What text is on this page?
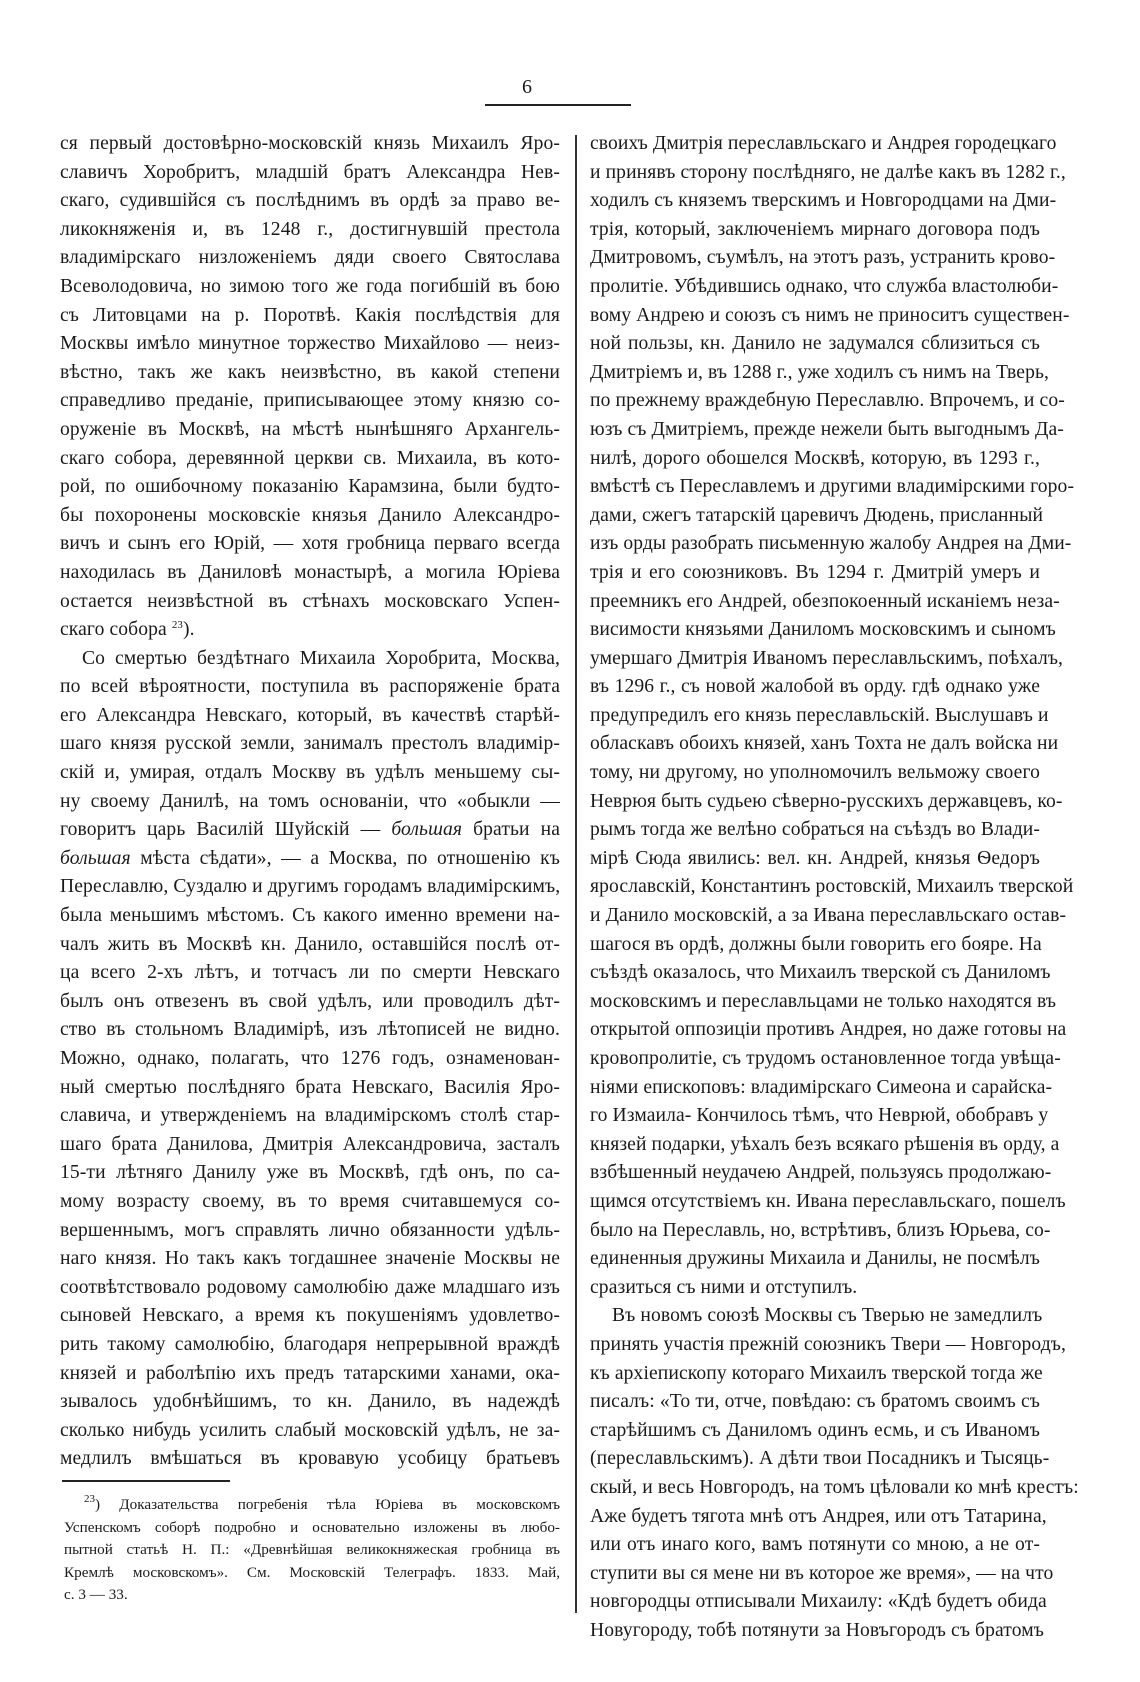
6
ся первый достовѣрно-московскій князь Михаилъ Яро-
славичъ Хоробритъ, младшій братъ Александра Нев-
скаго, судившійся съ послѣднимъ въ ордѣ за право ве-
ликокняженія и, въ 1248 г., достигнувшій престола
владимірскаго низложеніемъ дяди своего Святослава
Всеволодовича, но зимою того же года погибшій въ бою
съ Литовцами на р. Поротвѣ. Какія послѣдствія для
Москвы имѣло минутное торжество Михайлово — неиз-
вѣстно, такъ же какъ неизвѣстно, въ какой степени
справедливо преданіе, приписывающее этому князю со-
оруженіе въ Москвѣ, на мѣстѣ нынѣшняго Архангель-
скаго собора, деревянной церкви св. Михаила, въ кото-
рой, по ошибочному показанію Карамзина, были будто-
бы похоронены московскіе князья Данило Александро-
вичъ и сынъ его Юрій, — хотя гробница перваго всегда
находилась въ Даниловѣ монастырѣ, а могила Юріева
остается неизвѣстной въ стѣнахъ московскаго Успен-
скаго собора $^{23}$).
Со смертью бездѣтнаго Михаила Хоробрита, Москва,
по всей вѣроятности, поступила въ распоряженіе брата
его Александра Невскаго, который, въ качествѣ старѣй-
шаго князя русской земли, занималъ престолъ владимір-
скій и, умирая, отдалъ Москву въ удѣлъ меньшему сы-
ну своему Данилѣ, на томъ основаніи, что «обыкли —
говоритъ царь Василій Шуйскій — большая братьи на
большая мѣста сѣдати», — а Москва, по отношенію къ
Переславлю, Суздалю и другимъ городамъ владимірскимъ,
была меньшимъ мѣстомъ. Съ какого именно времени на-
чалъ жить въ Москвѣ кн. Данило, оставшійся послѣ от-
ца всего 2-хъ лѣтъ, и тотчасъ ли по смерти Невскаго
былъ онъ отвезенъ въ свой удѣлъ, или проводилъ дѣт-
ство въ стольномъ Владимірѣ, изъ лѣтописей не видно.
Можно, однако, полагать, что 1276 годъ, ознаменован-
ный смертью послѣдняго брата Невскаго, Василія Яро-
славича, и утвержденіемъ на владимірскомъ столѣ стар-
шаго брата Данилова, Дмитрія Александровича, засталъ
15-ти лѣтняго Данилу уже въ Москвѣ, гдѣ онъ, по са-
мому возрасту своему, въ то время считавшемуся со-
вершеннымъ, могъ справлять лично обязанности удѣль-
наго князя. Но такъ какъ тогдашнее значеніе Москвы не
соотвѣтствовало родовому самолюбію даже младшаго изъ
сыновей Невскаго, а время къ покушеніямъ удовлетво-
рить такому самолюбію, благодаря непрерывной враждѣ
князей и раболѣпію ихъ предъ татарскими ханами, ока-
зывалось удобнѣйшимъ, то кн. Данило, въ надеждѣ
сколько нибудь усилить слабый московскій удѣлъ, не за-
медлилъ вмѣшаться въ кровавую усобицу братьевъ
$^{23}$) Доказательства погребенія тѣла Юріева въ московскомъ
Успенскомъ соборѣ подробно и основательно изложены въ любо-
пытной статьѣ Н. П.: «Древнѣйшая великокняжеская гробница въ
Кремлѣ московскомъ». См. Московскій Телеграфъ. 1833. Май,
с. 3 — 33.
своихъ Дмитрія переславльскаго и Андрея городецкаго
и принявъ сторону послѣдняго, не далѣе какъ въ 1282 г.,
ходилъ съ княземъ тверскимъ и Новгородцами на Дми-
трія, который, заключеніемъ мирнаго договора подъ
Дмитровомъ, съумѣлъ, на этотъ разъ, устранить крово-
пролитіе. Убѣдившись однако, что служба властолюби-
вому Андрею и союзъ съ нимъ не приноситъ существен-
ной пользы, кн. Данило не задумался сблизиться съ
Дмитріемъ и, въ 1288 г., уже ходилъ съ нимъ на Тверь,
по прежнему враждебную Переславлю. Впрочемъ, и со-
юзъ съ Дмитріемъ, прежде нежели быть выгоднымъ Да-
нилѣ, дорого обошелся Москвѣ, которую, въ 1293 г.,
вмѣстѣ съ Переславлемъ и другими владимірскими горо-
дами, сжегъ татарскій царевичъ Дюдень, присланный
изъ орды разобрать письменную жалобу Андрея на Дми-
трія и его союзниковъ. Въ 1294 г. Дмитрій умеръ и
преемникъ его Андрей, обезпокоенный исканіемъ неза-
висимости князьями Даниломъ московскимъ и сыномъ
умершаго Дмитрія Иваномъ переславльскимъ, поѣхалъ,
въ 1296 г., съ новой жалобой въ орду. гдѣ однако уже
предупредилъ его князь переславльскій. Выслушавъ и
обласкавъ обоихъ князей, ханъ Тохта не далъ войска ни
тому, ни другому, но уполномочилъ вельможу своего
Неврюя быть судьею сѣверно-русскихъ державцевъ, ко-
рымъ тогда же велѣно собраться на съѣздъ во Влади-
мірѣ Сюда явились: вел. кн. Андрей, князья Ѳедоръ
ярославскій, Константинъ ростовскій, Михаилъ тверской
и Данило московскій, а за Ивана переславльскаго остав-
шагося въ ордѣ, должны были говорить его бояре. На
съѣздѣ оказалось, что Михаилъ тверской съ Даниломъ
московскимъ и переславльцами не только находятся въ
открытой оппозиціи противъ Андрея, но даже готовы на
кровопролитіе, съ трудомъ остановленное тогда увѣща-
ніями епископовъ: владимірскаго Симеона и сарайска-
го Измаила- Кончилось тѣмъ, что Неврюй, обобравъ у
князей подарки, уѣхалъ безъ всякаго рѣшенія въ орду, а
взбѣшенный неудачею Андрей, пользуясь продолжаю-
щимся отсутствіемъ кн. Ивана переславльскаго, пошелъ
было на Переславль, но, встрѣтивъ, близъ Юрьева, со-
единенныя дружины Михаила и Данилы, не посмѣлъ
сразиться съ ними и отступилъ.
Въ новомъ союзѣ Москвы съ Тверью не замедлилъ
принять участія прежній союзникъ Твери — Новгородъ,
къ архіепископу котораго Михаилъ тверской тогда же
писалъ: «То ти, отче, повѣдаю: съ братомъ своимъ съ
старѣйшимъ съ Даниломъ одинъ есмь, и съ Иваномъ
(переславльскимъ). А дѣти твои Посадникъ и Тысяць-
скый, и весь Новгородъ, на томъ цѣловали ко мнѣ крестъ:
Аже будетъ тягота мнѣ отъ Андрея, или отъ Татарина,
или отъ инаго кого, вамъ потянути со мною, а не от-
ступити вы ся мене ни въ которое же время», — на что
новгородцы отписывали Михаилу: «Кдѣ будетъ обида
Новугороду, тобѣ потянути за Новъгородъ съ братомъ
